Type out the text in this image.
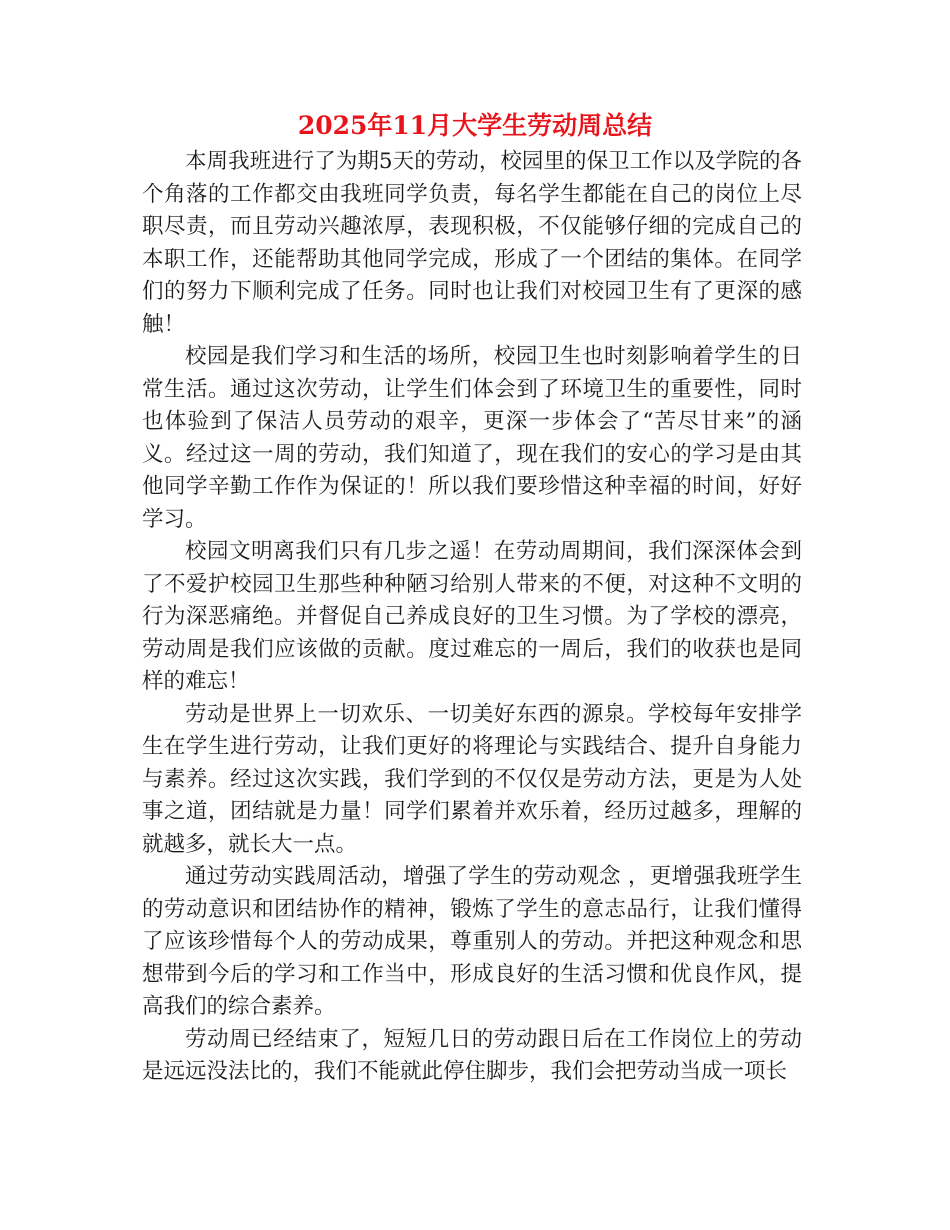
2025年11月大学生劳动周总结

本周我班进行了为期5天的劳动，校园里的保卫工作以及学院的各个角落的工作都交由我班同学负责，每名学生都能在自己的岗位上尽职尽责，而且劳动兴趣浓厚，表现积极，不仅能够仔细的完成自己的本职工作，还能帮助其他同学完成，形成了一个团结的集体。在同学们的努力下顺利完成了任务。同时也让我们对校园卫生有了更深的感触！

校园是我们学习和生活的场所，校园卫生也时刻影响着学生的日常生活。通过这次劳动，让学生们体会到了环境卫生的重要性，同时也体验到了保洁人员劳动的艰辛，更深一步体会了“苦尽甘来”的涵义。经过这一周的劳动，我们知道了，现在我们的安心的学习是由其他同学辛勤工作作为保证的！所以我们要珍惜这种幸福的时间，好好学习。

校园文明离我们只有几步之遥！在劳动周期间，我们深深体会到了不爱护校园卫生那些种种陋习给别人带来的不便，对这种不文明的行为深恶痛绝。并督促自己养成良好的卫生习惯。为了学校的漂亮，劳动周是我们应该做的贡献。度过难忘的一周后，我们的收获也是同样的难忘！

劳动是世界上一切欢乐、一切美好东西的源泉。学校每年安排学生在学生进行劳动，让我们更好的将理论与实践结合、提升自身能力与素养。经过这次实践，我们学到的不仅仅是劳动方法，更是为人处事之道，团结就是力量！同学们累着并欢乐着，经历过越多，理解的就越多，就长大一点。

通过劳动实践周活动，增强了学生的劳动观念 ，更增强我班学生的劳动意识和团结协作的精神，锻炼了学生的意志品行，让我们懂得了应该珍惜每个人的劳动成果，尊重别人的劳动。并把这种观念和思想带到今后的学习和工作当中，形成良好的生活习惯和优良作风，提高我们的综合素养。

劳动周已经结束了，短短几日的劳动跟日后在工作岗位上的劳动是远远没法比的，我们不能就此停住脚步，我们会把劳动当成一项长
